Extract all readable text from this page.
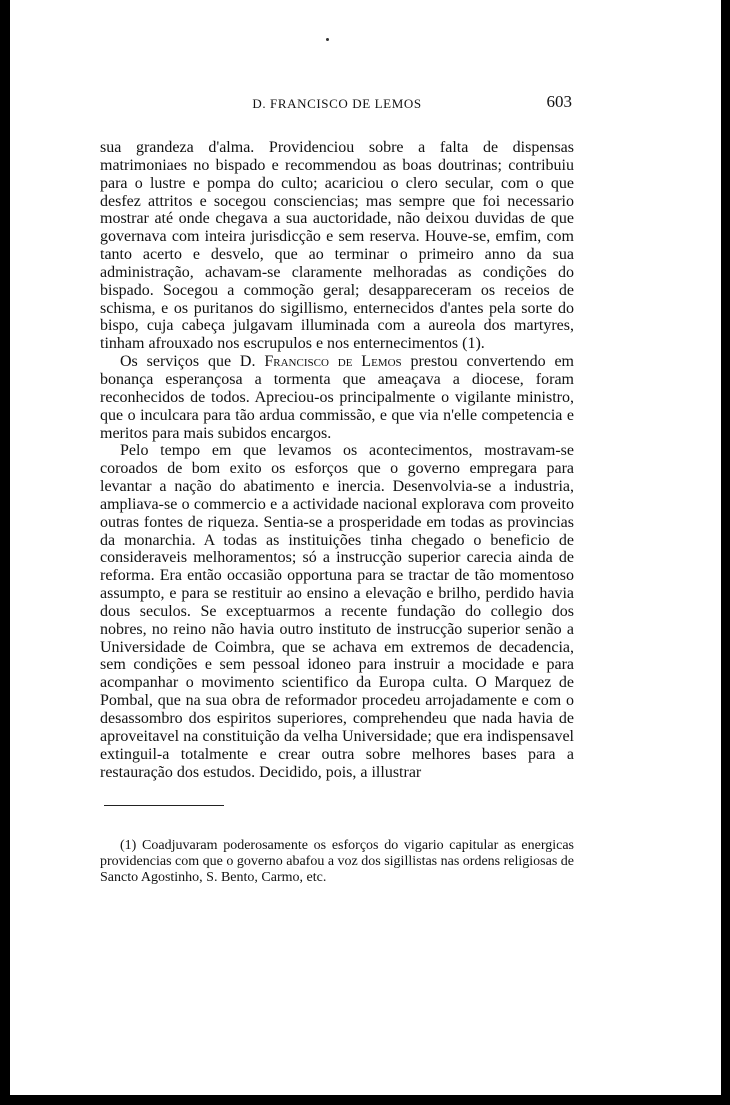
D. FRANCISCO DE LEMOS	603

sua grandeza d'alma. Providenciou sobre a falta de dispensas matrimoniaes no bispado e recommendou as boas doutrinas; contribuiu para o lustre e pompa do culto; acariciou o clero secular, com o que desfez attritos e socegou consciencias; mas sempre que foi necessario mostrar até onde chegava a sua auctoridade, não deixou duvidas de que governava com inteira jurisdicção e sem reserva. Houve-se, emfim, com tanto acerto e desvelo, que ao terminar o primeiro anno da sua administração, achavam-se claramente melhoradas as condições do bispado. Socegou a commoção geral; desappareceram os receios de schisma, e os puritanos do sigillismo, enternecidos d'antes pela sorte do bispo, cuja cabeça julgavam illuminada com a aureola dos martyres, tinham afrouxado nos escrupulos e nos enternecimentos (1).

Os serviços que D. Francisco de Lemos prestou convertendo em bonança esperançosa a tormenta que ameaçava a diocese, foram reconhecidos de todos. Apreciou-os principalmente o vigilante ministro, que o inculcara para tão ardua commissão, e que via n'elle competencia e meritos para mais subidos encargos.

Pelo tempo em que levamos os acontecimentos, mostravam-se coroados de bom exito os esforços que o governo empregara para levantar a nação do abatimento e inercia. Desenvolvia-se a industria, ampliava-se o commercio e a actividade nacional explorava com proveito outras fontes de riqueza. Sentia-se a prosperidade em todas as provincias da monarchia. A todas as instituições tinha chegado o beneficio de consideraveis melhoramentos; só a instrucção superior carecia ainda de reforma. Era então occasião opportuna para se tractar de tão momentoso assumpto, e para se restituir ao ensino a elevação e brilho, perdido havia dous seculos. Se exceptuarmos a recente fundação do collegio dos nobres, no reino não havia outro instituto de instrucção superior senão a Universidade de Coimbra, que se achava em extremos de decadencia, sem condições e sem pessoal idoneo para instruir a mocidade e para acompanhar o movimento scientifico da Europa culta. O Marquez de Pombal, que na sua obra de reformador procedeu arrojadamente e com o desassombro dos espiritos superiores, comprehendeu que nada havia de aproveitavel na constituição da velha Universidade; que era indispensavel extinguil-a totalmente e crear outra sobre melhores bases para a restauração dos estudos. Decidido, pois, a illustrar

(1) Coadjuvaram poderosamente os esforços do vigario capitular as energicas providencias com que o governo abafou a voz dos sigillistas nas ordens religiosas de Sancto Agostinho, S. Bento, Carmo, etc.
